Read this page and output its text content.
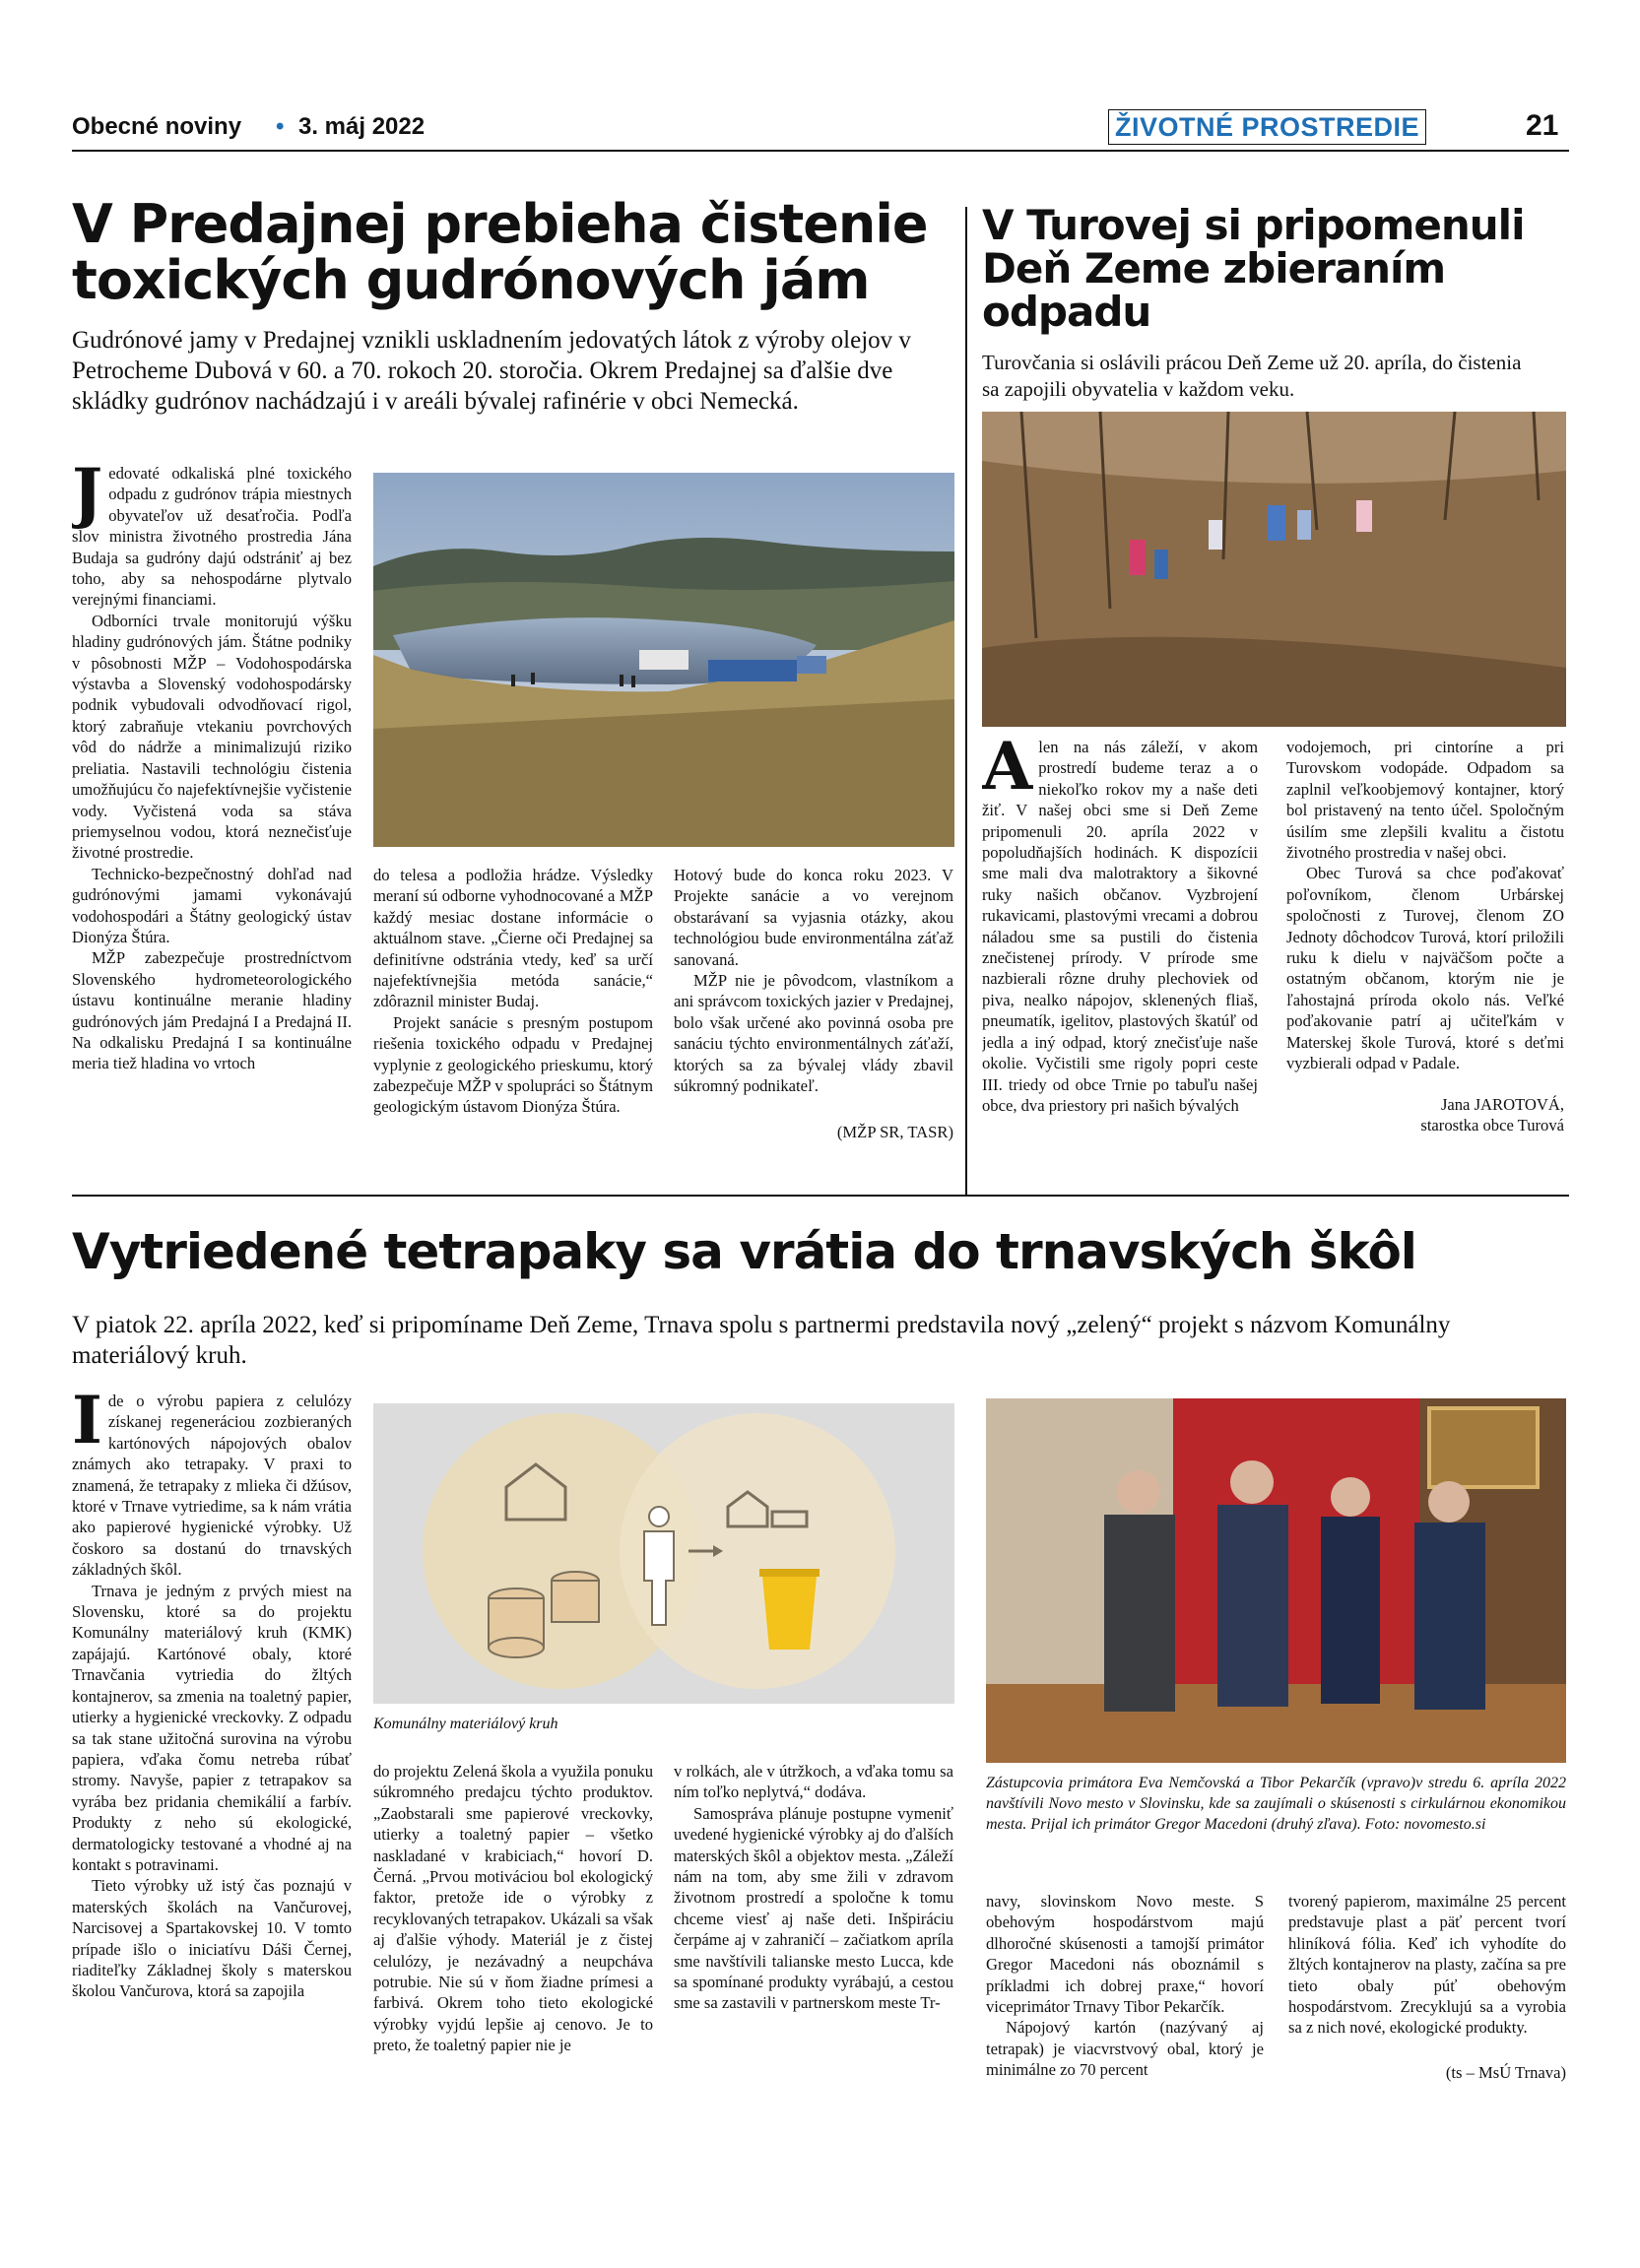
Obecné noviny • 3. máj 2022	ŽIVOTNÉ PROSTREDIE	21
V Predajnej prebieha čistenie
toxických gudrónových jám
Gudrónové jamy v Predajnej vznikli uskladnením jedovatých látok z výroby olejov v Petrocheme Dubová v 60. a 70. rokoch 20. storočia. Okrem Predajnej sa ďalšie dve skládky gudrónov nachádzajú i v areáli bývalej rafinérie v obci Nemecká.

Jedovaté odkaliská plné toxického odpadu z gudrónov trápia miestnych obyvateľov už desaťročia. Podľa slov ministra životného prostredia Jána Budaja sa gudróny dajú odstrániť aj bez toho, aby sa nehospodárne plytvalo verejnými financiami.

Odborníci trvale monitorujú výšku hladiny gudrónových jám. Štátne podniky v pôsobnosti MŽP – Vodohospodárska výstavba a Slovenský vodohospodársky podnik vybudovali odvodňovací rigol, ktorý zabraňuje vtekaniu povrchových vôd do nádrže a minimalizujú riziko preliatia. Nastavili technológiu čistenia umožňujúcu čo najefektívnejšie vyčistenie vody. Vyčistená voda sa stáva priemyselnou vodou, ktorá neznečisťuje životné prostredie.

Technicko-bezpečnostný dohľad nad gudrónovými jamami vykonávajú vodohospodári a Štátny geologický ústav Dionýza Štúra.

MŽP zabezpečuje prostredníctvom Slovenského hydrometeorologického ústavu kontinuálne meranie hladiny gudrónových jám Predajná I a Predajná II. Na odkalisku Predajná I sa kontinuálne meria tiež hladina vo vrtoch

do telesa a podložia hrádze. Výsledky meraní sú odborne vyhodnocované a MŽP každý mesiac dostane informácie o aktuálnom stave. „Čierne oči Predajnej sa definitívne odstránia vtedy, keď sa určí najefektívnejšia metóda sanácie,“ zdôraznil minister Budaj.

Projekt sanácie s presným postupom riešenia toxického odpadu v Predajnej vyplynie z geologického prieskumu, ktorý zabezpečuje MŽP v spolupráci so Štátnym geologickým ústavom Dionýza Štúra.

Hotový bude do konca roku 2023. V Projekte sanácie a vo verejnom obstarávaní sa vyjasnia otázky, akou technológiou bude environmentálna záťaž sanovaná.

MŽP nie je pôvodcom, vlastníkom a ani správcom toxických jazier v Predajnej, bolo však určené ako povinná osoba pre sanáciu týchto environmentálnych záťaží, ktorých sa za bývalej vlády zbavil súkromný podnikateľ.

(MŽP SR, TASR)

V Turovej si pripomenuli
Deň Zeme zbieraním
odpadu
Turovčania si oslávili prácou Deň Zeme už 20. apríla, do čistenia sa zapojili obyvatelia v každom veku.

Alen na nás záleží, v akom prostredí budeme teraz a o niekoľko rokov my a naše deti žiť. V našej obci sme si Deň Zeme pripomenuli 20. apríla 2022 v popoludňajších hodinách. K dispozícii sme mali dva malotraktory a šikovné ruky našich občanov. Vyzbrojení rukavicami, plastovými vrecami a dobrou náladou sme sa pustili do čistenia znečistenej prírody. V prírode sme nazbierali rôzne druhy plechoviek od piva, nealko nápojov, sklenených fliaš, pneumatík, igelitov, plastových škatúľ od jedla a iný odpad, ktorý znečisťuje naše okolie. Vyčistili sme rigoly popri ceste III. triedy od obce Trnie po tabuľu našej obce, dva priestory pri našich bývalých

vodojemoch, pri cintoríne a pri Turovskom vodopáde. Odpadom sa zaplnil veľkoobjemový kontajner, ktorý bol pristavený na tento účel. Spoločným úsilím sme zlepšili kvalitu a čistotu životného prostredia v našej obci.

Obec Turová sa chce poďakovať poľovníkom, členom Urbárskej spoločnosti z Turovej, členom ZO Jednoty dôchodcov Turová, ktorí priložili ruku k dielu v najväčšom počte a ostatným občanom, ktorým nie je ľahostajná príroda okolo nás. Veľké poďakovanie patrí aj učiteľkám v Materskej škole Turová, ktoré s deťmi vyzbierali odpad v Padale.

Jana JAROTOVÁ,

starostka obce Turová

Vytriedené tetrapaky sa vrátia do trnavských škôl
V piatok 22. apríla 2022, keď si pripomíname Deň Zeme, Trnava spolu s partnermi predstavila nový „zelený“ projekt s názvom Komunálny materiálový kruh.

Ide o výrobu papiera z celulózy získanej regeneráciou zozbieraných kartónových nápojových obalov známych ako tetrapaky. V praxi to znamená, že tetrapaky z mlieka či džúsov, ktoré v Trnave vytriedime, sa k nám vrátia ako papierové hygienické výrobky. Už čoskoro sa dostanú do trnavských základných škôl.

Trnava je jedným z prvých miest na Slovensku, ktoré sa do projektu Komunálny materiálový kruh (KMK) zapájajú. Kartónové obaly, ktoré Trnavčania vytriedia do žltých kontajnerov, sa zmenia na toaletný papier, utierky a hygienické vreckovky. Z odpadu sa tak stane užitočná surovina na výrobu papiera, vďaka čomu netreba rúbať stromy. Navyše, papier z tetrapakov sa vyrába bez pridania chemikálií a farbív. Produkty z neho sú ekologické, dermatologicky testované a vhodné aj na kontakt s potravinami.

Tieto výrobky už istý čas poznajú v materských školách na Vančurovej, Narcisovej a Spartakovskej 10. V tomto prípade išlo o iniciatívu Dáši Černej, riaditeľky Základnej školy s materskou školou Vančurova, ktorá sa zapojila

Komunálny materiálový kruh
Zástupcovia primátora Eva Nemčovská a Tibor Pekarčík (vpravo)v stredu 6. apríla 2022 navštívili Novo mesto v Slovinsku, kde sa zaujímali o skúsenosti s cirkulárnou ekonomikou mesta. Prijal ich primátor Gregor Macedoni (druhý zľava). Foto: novomesto.si

do projektu Zelená škola a využila ponuku súkromného predajcu týchto produktov. „Zaobstarali sme papierové vreckovky, utierky a toaletný papier – všetko naskladané v krabiciach,“ hovorí D. Černá. „Prvou motiváciou bol ekologický faktor, pretože ide o výrobky z recyklovaných tetrapakov. Ukázali sa však aj ďalšie výhody. Materiál je z čistej celulózy, je nezávadný a neupcháva potrubie. Nie sú v ňom žiadne prímesi a farbivá. Okrem toho tieto ekologické výrobky vyjdú lepšie aj cenovo. Je to preto, že toaletný papier nie je

v rolkách, ale v útržkoch, a vďaka tomu sa ním toľko neplytvá,“ dodáva.

Samospráva plánuje postupne vymeniť uvedené hygienické výrobky aj do ďalších materských škôl a objektov mesta. „Záleží nám na tom, aby sme žili v zdravom životnom prostredí a spoločne k tomu chceme viesť aj naše deti. Inšpiráciu čerpáme aj v zahraničí – začiatkom apríla sme navštívili talianske mesto Lucca, kde sa spomínané produkty vyrábajú, a cestou sme sa zastavili v partnerskom meste Tr-

navy, slovinskom Novo meste. S obehovým hospodárstvom majú dlhoročné skúsenosti a tamojší primátor Gregor Macedoni nás oboznámil s príkladmi ich dobrej praxe,“ hovorí viceprimátor Trnavy Tibor Pekarčík.

Nápojový kartón (nazývaný aj tetrapak) je viacvrstvový obal, ktorý je minimálne zo 70 percent

tvorený papierom, maximálne 25 percent predstavuje plast a päť percent tvorí hliníková fólia. Keď ich vyhodíte do žltých kontajnerov na plasty, začína sa pre tieto obaly púť obehovým hospodárstvom. Zrecyklujú sa a vyrobia sa z nich nové, ekologické produkty.

(ts – MsÚ Trnava)
